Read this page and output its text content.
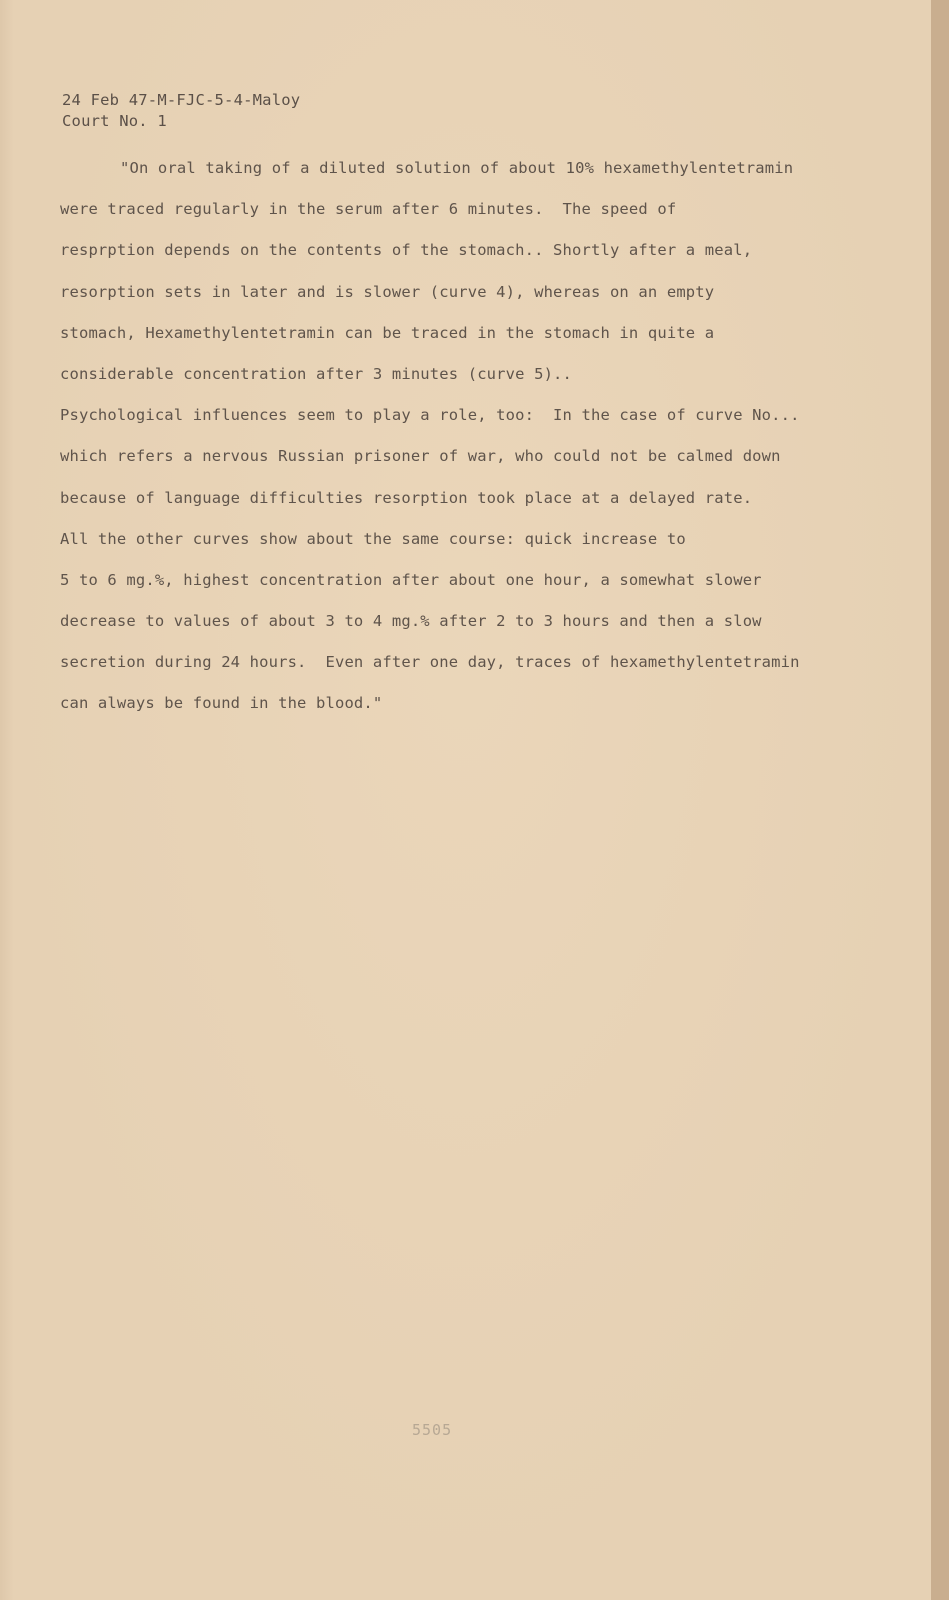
24 Feb 47-M-FJC-5-4-Maloy
Court No. 1
"On oral taking of a diluted solution of about 10% hexamethylentetramin
were traced regularly in the serum after 6 minutes.  The speed of
resprption depends on the contents of the stomach.. Shortly after a meal,
resorption sets in later and is slower (curve 4), whereas on an empty
stomach, Hexamethylentetramin can be traced in the stomach in quite a
considerable concentration after 3 minutes (curve 5)..
Psychological influences seem to play a role, too:  In the case of curve No...
which refers a nervous Russian prisoner of war, who could not be calmed down
because of language difficulties resorption took place at a delayed rate.
All the other curves show about the same course: quick increase to
5 to 6 mg.%, highest concentration after about one hour, a somewhat slower
decrease to values of about 3 to 4 mg.% after 2 to 3 hours and then a slow
secretion during 24 hours.  Even after one day, traces of hexamethylentetramin
can always be found in the blood."
5505
